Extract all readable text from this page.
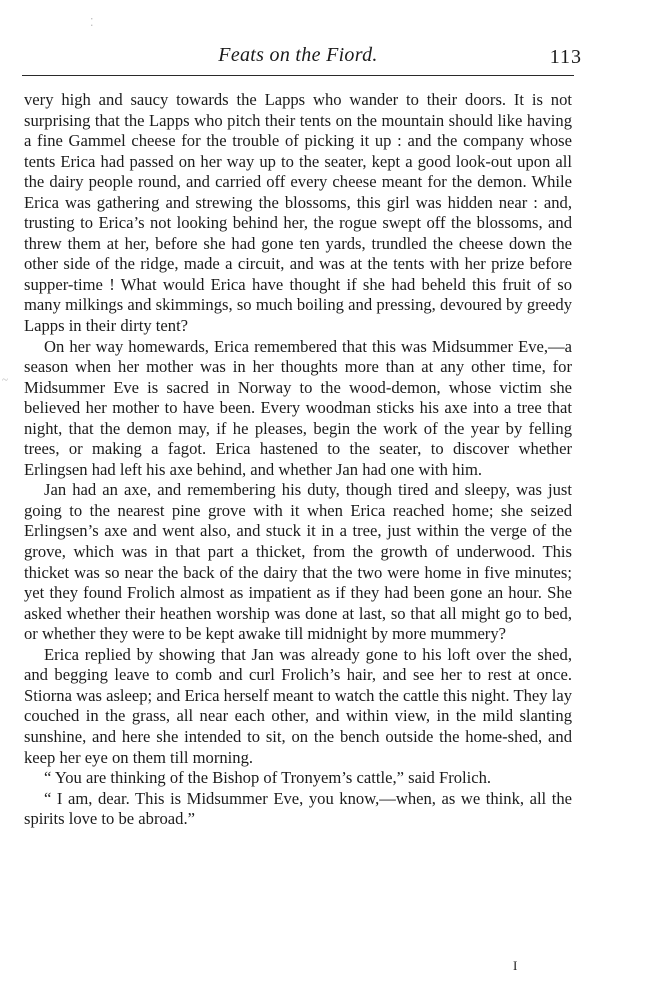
⁚
~
Feats on the Fiord.	113

very high and saucy towards the Lapps who wander to their doors. It is not surprising that the Lapps who pitch their tents on the mountain should like having a fine Gammel cheese for the trouble of picking it up : and the company whose tents Erica had passed on her way up to the seater, kept a good look-out upon all the dairy people round, and carried off every cheese meant for the demon. While Erica was gathering and strewing the blossoms, this girl was hidden near : and, trusting to Erica’s not looking behind her, the rogue swept off the blossoms, and threw them at her, before she had gone ten yards, trundled the cheese down the other side of the ridge, made a circuit, and was at the tents with her prize before supper-time ! What would Erica have thought if she had beheld this fruit of so many milkings and skimmings, so much boiling and pressing, devoured by greedy Lapps in their dirty tent?

On her way homewards, Erica remembered that this was Midsummer Eve,—a season when her mother was in her thoughts more than at any other time, for Midsummer Eve is sacred in Norway to the wood-demon, whose victim she believed her mother to have been. Every woodman sticks his axe into a tree that night, that the demon may, if he pleases, begin the work of the year by felling trees, or making a fagot. Erica hastened to the seater, to discover whether Erlingsen had left his axe behind, and whether Jan had one with him.

Jan had an axe, and remembering his duty, though tired and sleepy, was just going to the nearest pine grove with it when Erica reached home; she seized Erlingsen’s axe and went also, and stuck it in a tree, just within the verge of the grove, which was in that part a thicket, from the growth of underwood. This thicket was so near the back of the dairy that the two were home in five minutes; yet they found Frolich almost as impatient as if they had been gone an hour. She asked whether their heathen worship was done at last, so that all might go to bed, or whether they were to be kept awake till midnight by more mummery?

Erica replied by showing that Jan was already gone to his loft over the shed, and begging leave to comb and curl Frolich’s hair, and see her to rest at once. Stiorna was asleep; and Erica herself meant to watch the cattle this night. They lay couched in the grass, all near each other, and within view, in the mild slanting sunshine, and here she intended to sit, on the bench outside the home-shed, and keep her eye on them till morning.

“ You are thinking of the Bishop of Tronyem’s cattle,” said Frolich.

“ I am, dear. This is Midsummer Eve, you know,—when, as we think, all the spirits love to be abroad.”

I
